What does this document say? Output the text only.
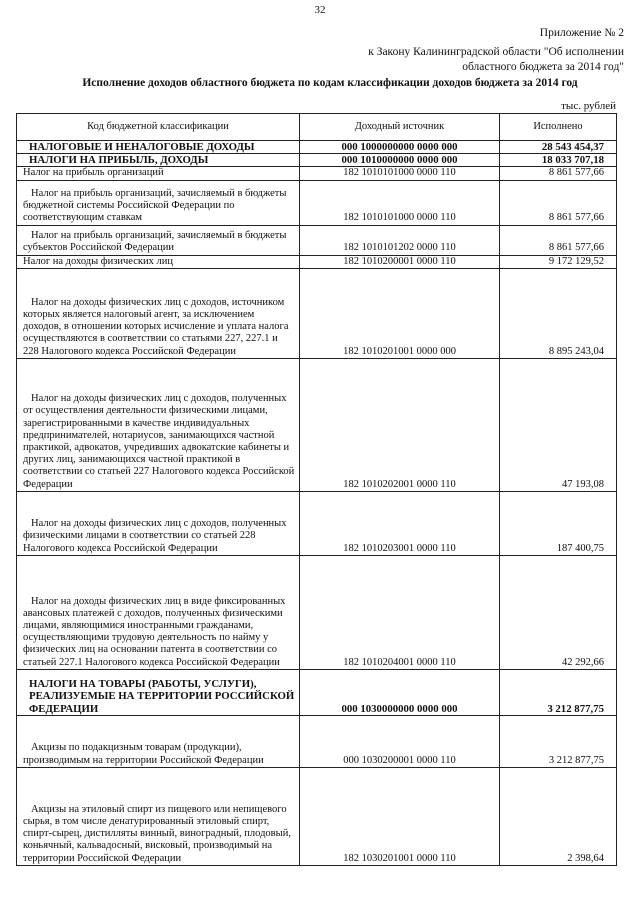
32
Приложение № 2
к Закону Калининградской области "Об исполнении
областного бюджета за 2014 год"
Исполнение доходов областного бюджета по кодам классификации доходов бюджета за 2014 год
тыс. рублей
Код бюджетной классификации	Доходный источник	Исполнено
НАЛОГОВЫЕ И НЕНАЛОГОВЫЕ ДОХОДЫ	000 1000000000 0000 000	28 543 454,37
НАЛОГИ НА ПРИБЫЛЬ, ДОХОДЫ	000 1010000000 0000 000	18 033 707,18
Налог на прибыль организаций	182 1010101000 0000 110	8 861 577,66
Налог на прибыль организаций, зачисляемый в бюджеты бюджетной системы Российской Федерации по соответствующим ставкам	182 1010101000 0000 110	8 861 577,66
Налог на прибыль организаций, зачисляемый в бюджеты субъектов Российской Федерации	182 1010101202 0000 110	8 861 577,66
Налог на доходы физических лиц	182 1010200001 0000 110	9 172 129,52
Налог на доходы физических лиц с доходов, источником которых является налоговый агент, за исключением доходов, в отношении которых исчисление и уплата налога осуществляются в соответствии со статьями 227, 227.1 и 228 Налогового кодекса Российской Федерации	182 1010201001 0000 000	8 895 243,04
Налог на доходы физических лиц с доходов, полученных от осуществления деятельности физическими лицами, зарегистрированными в качестве индивидуальных предпринимателей, нотариусов, занимающихся частной практикой, адвокатов, учредивших адвокатские кабинеты и других лиц, занимающихся частной практикой в соответствии со статьей 227 Налогового кодекса Российской Федерации	182 1010202001 0000 110	47 193,08
Налог на доходы физических лиц с доходов, полученных физическими лицами в соответствии со статьей 228 Налогового кодекса Российской Федерации	182 1010203001 0000 110	187 400,75
Налог на доходы физических лиц в виде фиксированных авансовых платежей с доходов, полученных физическими лицами, являющимися иностранными гражданами, осуществляющими трудовую деятельность по найму у физических лиц на основании патента в соответствии со статьей 227.1 Налогового кодекса Российской Федерации	182 1010204001 0000 110	42 292,66
НАЛОГИ НА ТОВАРЫ (РАБОТЫ, УСЛУГИ), РЕАЛИЗУЕМЫЕ НА ТЕРРИТОРИИ РОССИЙСКОЙ ФЕДЕРАЦИИ	000 1030000000 0000 000	3 212 877,75
Акцизы по подакцизным товарам (продукции), производимым на территории Российской Федерации	000 1030200001 0000 110	3 212 877,75
Акцизы на этиловый спирт из пищевого или непищевого сырья, в том числе денатурированный этиловый спирт, спирт-сырец, дистилляты винный, виноградный, плодовый, коньячный, кальвадосный, висковый, производимый на территории Российской Федерации	182 1030201001 0000 110	2 398,64
